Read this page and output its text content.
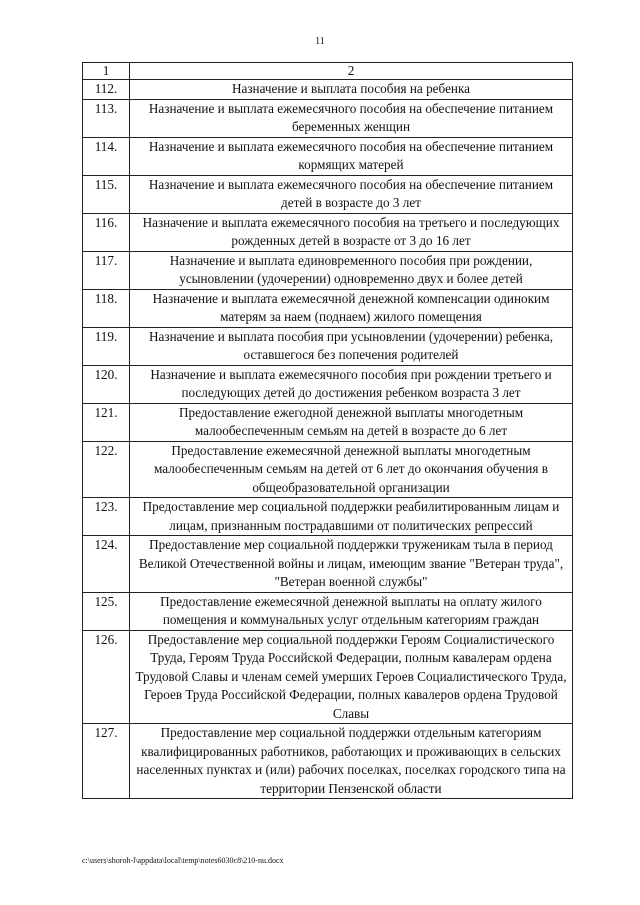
11
1	2
112.	Назначение и выплата пособия на ребенка
113.	Назначение и выплата ежемесячного пособия на обеспечение питанием беременных женщин
114.	Назначение и выплата ежемесячного пособия на обеспечение питанием кормящих матерей
115.	Назначение и выплата ежемесячного пособия на обеспечение питанием детей в возрасте до 3 лет
116.	Назначение и выплата ежемесячного пособия на третьего и последующих рожденных детей в возрасте от 3 до 16 лет
117.	Назначение и выплата единовременного пособия при рождении, усыновлении (удочерении) одновременно двух и более детей
118.	Назначение и выплата ежемесячной денежной компенсации одиноким матерям за наем (поднаем) жилого помещения
119.	Назначение и выплата пособия при усыновлении (удочерении) ребенка, оставшегося без попечения родителей
120.	Назначение и выплата ежемесячного пособия при рождении третьего и последующих детей до достижения ребенком возраста 3 лет
121.	Предоставление ежегодной денежной выплаты многодетным малообеспеченным семьям на детей в возрасте до 6 лет
122.	Предоставление ежемесячной денежной выплаты многодетным малообеспеченным семьям на детей от 6 лет до окончания обучения в общеобразовательной организации
123.	Предоставление мер социальной поддержки реабилитированным лицам и лицам, признанным пострадавшими от политических репрессий
124.	Предоставление мер социальной поддержки труженикам тыла в период Великой Отечественной войны и лицам, имеющим звание "Ветеран труда", "Ветеран военной службы"
125.	Предоставление ежемесячной денежной выплаты на оплату жилого помещения и коммунальных услуг отдельным категориям граждан
126.	Предоставление мер социальной поддержки Героям Социалистического Труда, Героям Труда Российской Федерации, полным кавалерам ордена Трудовой Славы и членам семей умерших Героев Социалистического Труда, Героев Труда Российской Федерации, полных кавалеров ордена Трудовой Славы
127.	Предоставление мер социальной поддержки отдельным категориям квалифицированных работников, работающих и проживающих в сельских населенных пунктах и (или) рабочих поселках, поселках городского типа на территории Пензенской области
c:\users\shoroh-l\appdata\local\temp\notes6030c8\210-nu.docx
